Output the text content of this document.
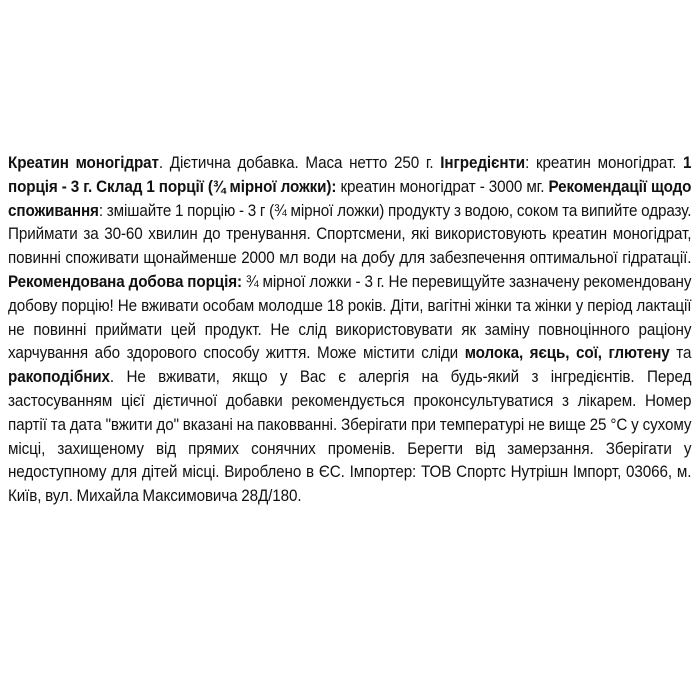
Креатин моногідрат. Дієтична добавка. Маса нетто 250 г. Інгредієнти: креатин моногідрат. 1 порція - 3 г. Склад 1 порції (¾ мірної ложки): креатин моногідрат - 3000 мг. Рекомендації щодо споживання: змішайте 1 порцію - 3 г (¾ мірної ложки) продукту з водою, соком та випийте одразу. Приймати за 30-60 хвилин до тренування. Спортсмени, які використовують креатин моногідрат, повинні споживати щонайменше 2000 мл води на добу для забезпечення оптимальної гідратації. Рекомендована добова порція: ¾ мірної ложки - 3 г. Не перевищуйте зазначену рекомендовану добову порцію! Не вживати особам молодше 18 років. Діти, вагітні жінки та жінки у період лактації не повинні приймати цей продукт. Не слід використовувати як заміну повноцінного раціону харчування або здорового способу життя. Може містити сліди молока, яєць, сої, глютену та ракоподібних. Не вживати, якщо у Вас є алергія на будь-який з інгредієнтів. Перед застосуванням цієї дієтичної добавки рекомендується проконсультуватися з лікарем. Номер партії та дата "вжити до" вказані на паковванні. Зберігати при температурі не вище 25 °C у сухому місці, захищеному від прямих сонячних променів. Берегти від замерзання. Зберігати у недоступному для дітей місці. Вироблено в ЄС. Імпортер: ТОВ Спортс Нутрішн Імпорт, 03066, м. Київ, вул. Михайла Максимовича 28Д/180.
